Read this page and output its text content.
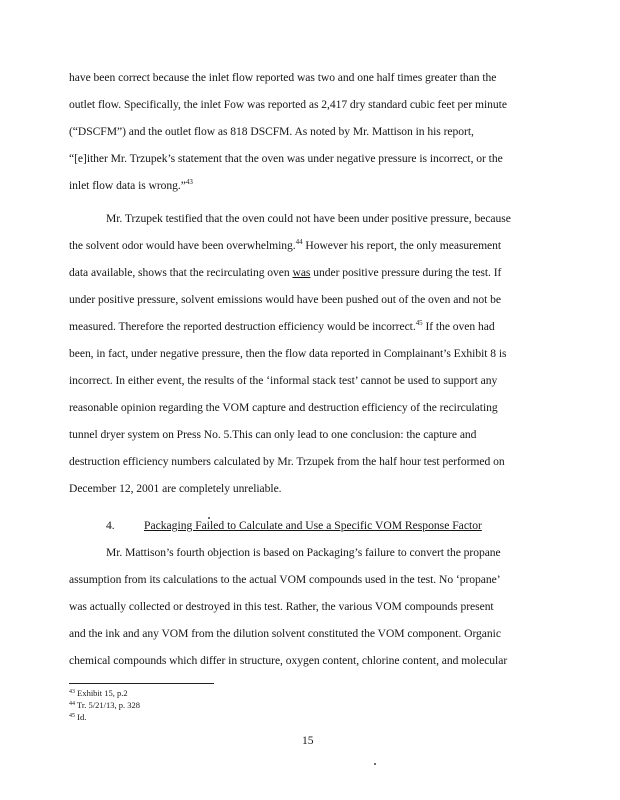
have been correct because the inlet flow reported was two and one half times greater than the

outlet flow. Specifically, the inlet Fow was reported as 2,417 dry standard cubic feet per minute

(“DSCFM”) and the outlet flow as 818 DSCFM. As noted by Mr. Mattison in his report,

“[e]ither Mr. Trzupek’s statement that the oven was under negative pressure is incorrect, or the

inlet flow data is wrong.”$^{43}$

Mr. Trzupek testified that the oven could not have been under positive pressure, because

the solvent odor would have been overwhelming.$^{44}$ However his report, the only measurement

data available, shows that the recirculating oven was under positive pressure during the test. If

under positive pressure, solvent emissions would have been pushed out of the oven and not be

measured. Therefore the reported destruction efficiency would be incorrect.$^{45}$ If the oven had

been, in fact, under negative pressure, then the flow data reported in Complainant’s Exhibit 8 is

incorrect. In either event, the results of the ‘informal stack test’ cannot be used to support any

reasonable opinion regarding the VOM capture and destruction efficiency of the recirculating

tunnel dryer system on Press No. 5.This can only lead to one conclusion: the capture and

destruction efficiency numbers calculated by Mr. Trzupek from the half hour test performed on

December 12, 2001 are completely unreliable.

4.	Packaging Failed to Calculate and Use a Specific VOM Response Factor

Mr. Mattison’s fourth objection is based on Packaging’s failure to convert the propane

assumption from its calculations to the actual VOM compounds used in the test. No ‘propane’

was actually collected or destroyed in this test. Rather, the various VOM compounds present

and the ink and any VOM from the dilution solvent constituted the VOM component. Organic

chemical compounds which differ in structure, oxygen content, chlorine content, and molecular

$^{43}$ Exhibit 15, p.2
$^{44}$ Tr. 5/21/13, p. 328
$^{45}$ Id.
15
